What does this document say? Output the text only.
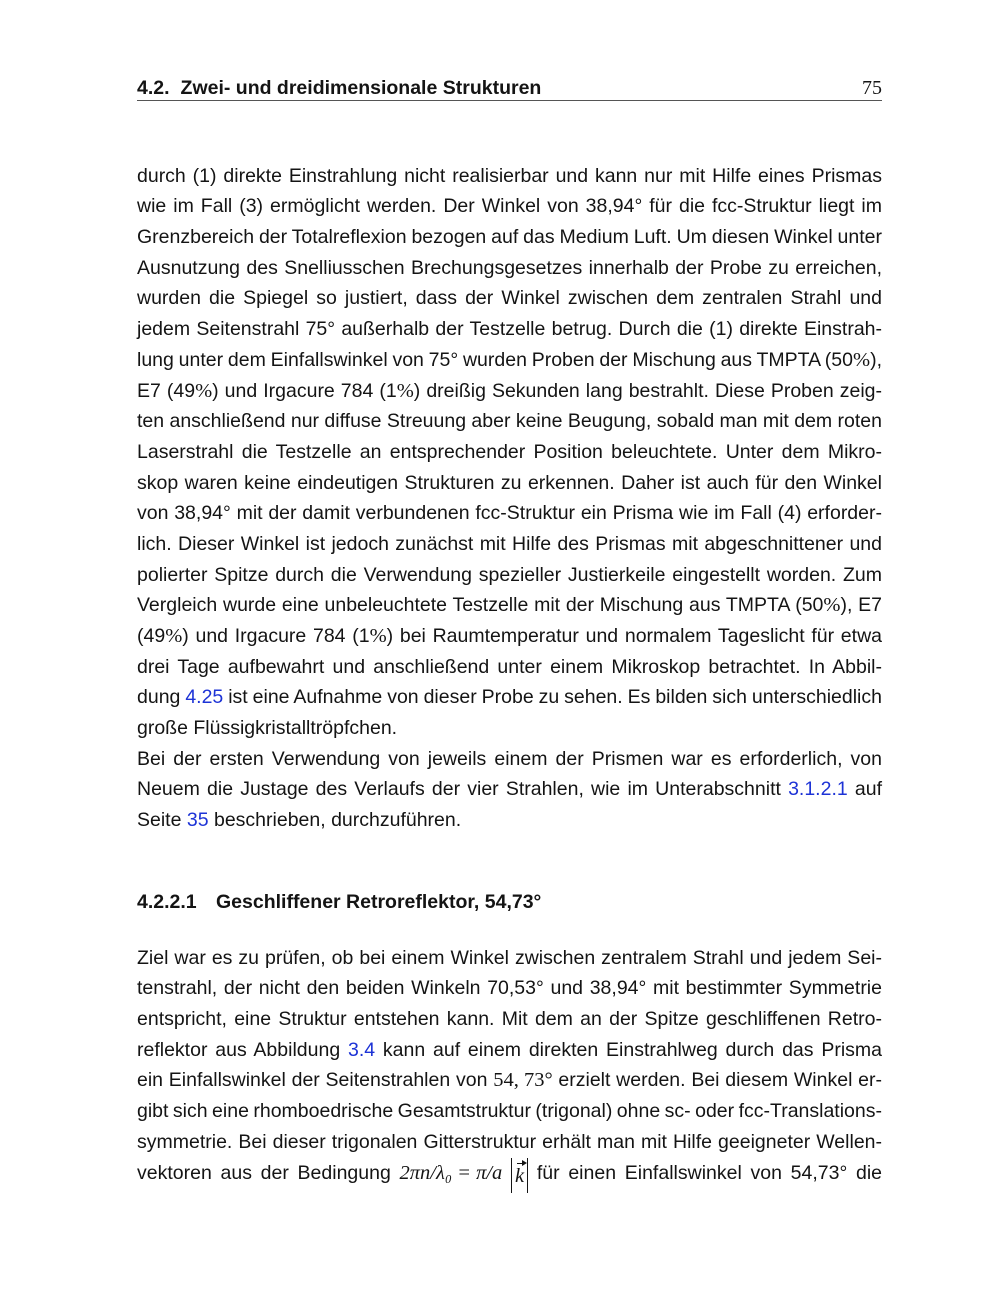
4.2. Zwei- und dreidimensionale Strukturen	75
durch (1) direkte Einstrahlung nicht realisierbar und kann nur mit Hilfe eines Prismas
wie im Fall (3) ermöglicht werden. Der Winkel von 38,94° für die fcc-Struktur liegt im
Grenzbereich der Totalreflexion bezogen auf das Medium Luft. Um diesen Winkel unter
Ausnutzung des Snelliusschen Brechungsgesetzes innerhalb der Probe zu erreichen,
wurden die Spiegel so justiert, dass der Winkel zwischen dem zentralen Strahl und
jedem Seitenstrahl 75° außerhalb der Testzelle betrug. Durch die (1) direkte Einstrah-
lung unter dem Einfallswinkel von 75° wurden Proben der Mischung aus TMPTA (50%),
E7 (49%) und Irgacure 784 (1%) dreißig Sekunden lang bestrahlt. Diese Proben zeig-
ten anschließend nur diffuse Streuung aber keine Beugung, sobald man mit dem roten
Laserstrahl die Testzelle an entsprechender Position beleuchtete. Unter dem Mikro-
skop waren keine eindeutigen Strukturen zu erkennen. Daher ist auch für den Winkel
von 38,94° mit der damit verbundenen fcc-Struktur ein Prisma wie im Fall (4) erforder-
lich. Dieser Winkel ist jedoch zunächst mit Hilfe des Prismas mit abgeschnittener und
polierter Spitze durch die Verwendung spezieller Justierkeile eingestellt worden. Zum
Vergleich wurde eine unbeleuchtete Testzelle mit der Mischung aus TMPTA (50%), E7
(49%) und Irgacure 784 (1%) bei Raumtemperatur und normalem Tageslicht für etwa
drei Tage aufbewahrt und anschließend unter einem Mikroskop betrachtet. In Abbil-
dung 4.25 ist eine Aufnahme von dieser Probe zu sehen. Es bilden sich unterschiedlich
große Flüssigkristalltröpfchen.
Bei der ersten Verwendung von jeweils einem der Prismen war es erforderlich, von
Neuem die Justage des Verlaufs der vier Strahlen, wie im Unterabschnitt 3.1.2.1 auf
Seite 35 beschrieben, durchzuführen.
4.2.2.1 Geschliffener Retroreflektor, 54,73°
Ziel war es zu prüfen, ob bei einem Winkel zwischen zentralem Strahl und jedem Sei-
tenstrahl, der nicht den beiden Winkeln 70,53° und 38,94° mit bestimmter Symmetrie
entspricht, eine Struktur entstehen kann. Mit dem an der Spitze geschliffenen Retro-
reflektor aus Abbildung 3.4 kann auf einem direkten Einstrahlweg durch das Prisma
ein Einfallswinkel der Seitenstrahlen von 54, 73° erzielt werden. Bei diesem Winkel er-
gibt sich eine rhomboedrische Gesamtstruktur (trigonal) ohne sc- oder fcc-Translations-
symmetrie. Bei dieser trigonalen Gitterstruktur erhält man mit Hilfe geeigneter Wellen-
vektoren aus der Bedingung 2πn/λ₀ = π/a k für einen Einfallswinkel von 54,73° die
